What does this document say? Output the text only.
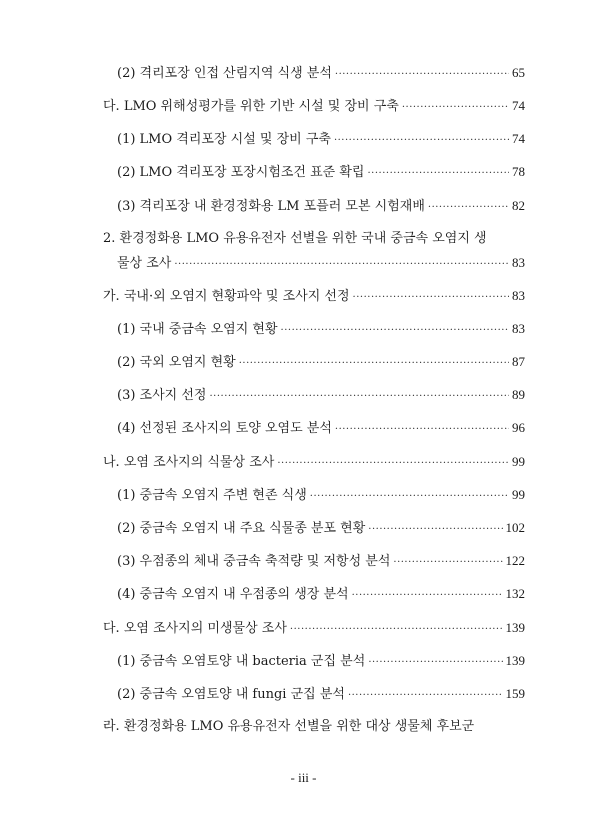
(2) 격리포장 인접 산림지역 식생 분석 ·····	65
다. LMO 위해성평가를 위한 기반 시설 및 장비 구축 ·····	74
(1) LMO 격리포장 시설 및 장비 구축 ·····	74
(2) LMO 격리포장 포장시험조건 표준 확립 ·····	78
(3) 격리포장 내 환경정화용 LM 포플러 모본 시험재배 ·····	82
2. 환경정화용 LMO 유용유전자 선별을 위한 국내 중금속 오염지 생
물상 조사 ·····	83
가. 국내·외 오염지 현황파악 및 조사지 선정 ·····	83
(1) 국내 중금속 오염지 현황 ·····	83
(2) 국외 오염지 현황 ·····	87
(3) 조사지 선정 ·····	89
(4) 선정된 조사지의 토양 오염도 분석 ·····	96
나. 오염 조사지의 식물상 조사 ·····	99
(1) 중금속 오염지 주변 현존 식생 ·····	99
(2) 중금속 오염지 내 주요 식물종 분포 현황 ·····	102
(3) 우점종의 체내 중금속 축적량 및 저항성 분석 ·····	122
(4) 중금속 오염지 내 우점종의 생장 분석 ·····	132
다. 오염 조사지의 미생물상 조사 ·····	139
(1) 중금속 오염토양 내 bacteria 군집 분석 ·····	139
(2) 중금속 오염토양 내 fungi 군집 분석 ·····	159
라. 환경정화용 LMO 유용유전자 선별을 위한 대상 생물체 후보군
- iii -
